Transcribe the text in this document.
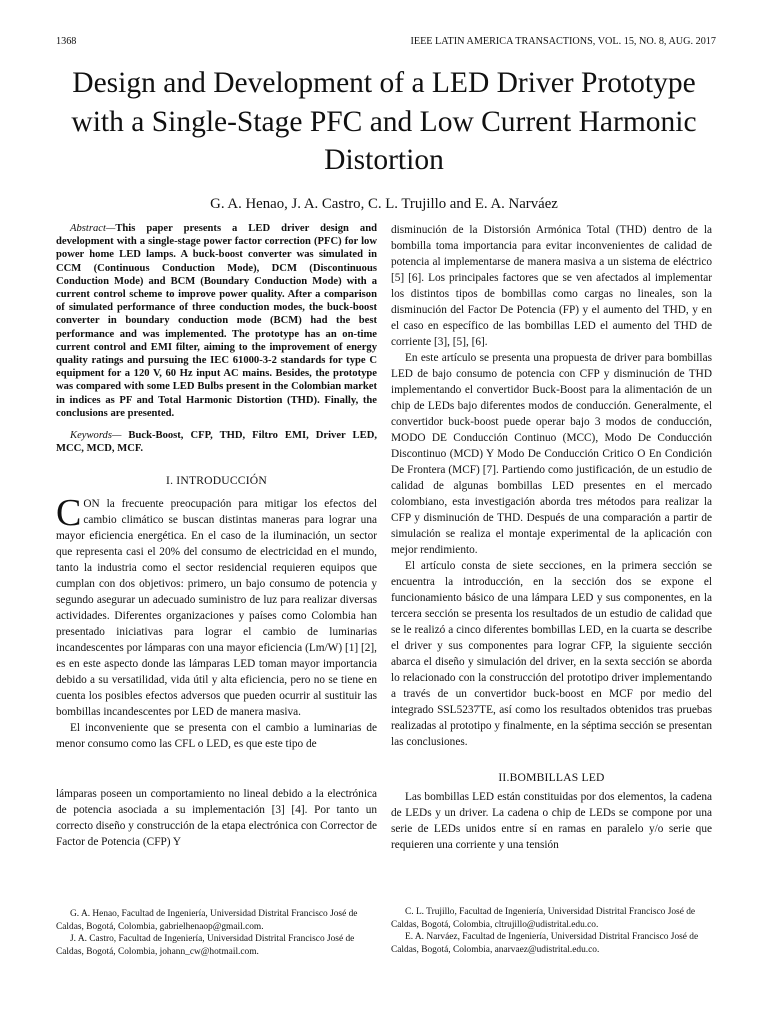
1368	IEEE LATIN AMERICA TRANSACTIONS, VOL. 15, NO. 8, AUG. 2017
Design and Development of a LED Driver Prototype with a Single-Stage PFC and Low Current Harmonic Distortion
G. A. Henao, J. A. Castro, C. L. Trujillo and E. A. Narváez

Abstract—This paper presents a LED driver design and development with a single-stage power factor correction (PFC) for low power home LED lamps. A buck-boost converter was simulated in CCM (Continuous Conduction Mode), DCM (Discontinuous Conduction Mode) and BCM (Boundary Conduction Mode) with a current control scheme to improve power quality. After a comparison of simulated performance of three conduction modes, the buck-boost converter in boundary conduction mode (BCM) had the best performance and was implemented. The prototype has an on-time current control and EMI filter, aiming to the improvement of energy quality ratings and pursuing the IEC 61000-3-2 standards for type C equipment for a 120 V, 60 Hz input AC mains. Besides, the prototype was compared with some LED Bulbs present in the Colombian market in indices as PF and Total Harmonic Distortion (THD). Finally, the conclusions are presented.

Keywords— Buck-Boost, CFP, THD, Filtro EMI, Driver LED, MCC, MCD, MCF.

I. INTRODUCCIÓN

CON la frecuente preocupación para mitigar los efectos del cambio climático se buscan distintas maneras para lograr una mayor eficiencia energética. En el caso de la iluminación, un sector que representa casi el 20% del consumo de electricidad en el mundo, tanto la industria como el sector residencial requieren equipos que cumplan con dos objetivos: primero, un bajo consumo de potencia y segundo asegurar un adecuado suministro de luz para realizar diversas actividades. Diferentes organizaciones y países como Colombia han presentado iniciativas para lograr el cambio de luminarias incandescentes por lámparas con una mayor eficiencia (Lm/W) [1] [2], es en este aspecto donde las lámparas LED toman mayor importancia debido a su versatilidad, vida útil y alta eficiencia, pero no se tiene en cuenta los posibles efectos adversos que pueden ocurrir al sustituir las bombillas incandescentes por LED de manera masiva.

El inconveniente que se presenta con el cambio a luminarias de menor consumo como las CFL o LED, es que este tipo de

lámparas poseen un comportamiento no lineal debido a la electrónica de potencia asociada a su implementación [3] [4]. Por tanto un correcto diseño y construcción de la etapa electrónica con Corrector de Factor de Potencia (CFP) Y

disminución de la Distorsión Armónica Total (THD) dentro de la bombilla toma importancia para evitar inconvenientes de calidad de potencia al implementarse de manera masiva a un sistema de eléctrico [5] [6]. Los principales factores que se ven afectados al implementar los distintos tipos de bombillas como cargas no lineales, son la disminución del Factor De Potencia (FP) y el aumento del THD, y en el caso en específico de las bombillas LED el aumento del THD de corriente [3], [5], [6].

En este artículo se presenta una propuesta de driver para bombillas LED de bajo consumo de potencia con CFP y disminución de THD implementando el convertidor Buck-Boost para la alimentación de un chip de LEDs bajo diferentes modos de conducción. Generalmente, el convertidor buck-boost puede operar bajo 3 modos de conducción, MODO DE Conducción Continuo (MCC), Modo De Conducción Discontinuo (MCD) Y Modo De Conducción Critico O En Condición De Frontera (MCF) [7]. Partiendo como justificación, de un estudio de calidad de algunas bombillas LED presentes en el mercado colombiano, esta investigación aborda tres métodos para realizar la CFP y disminución de THD. Después de una comparación a partir de simulación se realiza el montaje experimental de la aplicación con mejor rendimiento.

El artículo consta de siete secciones, en la primera sección se encuentra la introducción, en la sección dos se expone el funcionamiento básico de una lámpara LED y sus componentes, en la tercera sección se presenta los resultados de un estudio de calidad que se le realizó a cinco diferentes bombillas LED, en la cuarta se describe el driver y sus componentes para lograr CFP, la siguiente sección abarca el diseño y simulación del driver, en la sexta sección se aborda lo relacionado con la construcción del prototipo driver implementando a través de un convertidor buck-boost en MCF por medio del integrado SSL5237TE, así como los resultados obtenidos tras pruebas realizadas al prototipo y finalmente, en la séptima sección se presentan las conclusiones.

II.BOMBILLAS LED

Las bombillas LED están constituidas por dos elementos, la cadena de LEDs y un driver. La cadena o chip de LEDs se compone por una serie de LEDs unidos entre sí en ramas en paralelo y/o serie que requieren una corriente y una tensión

G. A. Henao, Facultad de Ingeniería, Universidad Distrital Francisco José de Caldas, Bogotá, Colombia, gabrielhenaop@gmail.com.

J. A. Castro, Facultad de Ingeniería, Universidad Distrital Francisco José de Caldas, Bogotá, Colombia, johann_cw@hotmail.com.

C. L. Trujillo, Facultad de Ingeniería, Universidad Distrital Francisco José de Caldas, Bogotá, Colombia, cltrujillo@udistrital.edu.co.

E. A. Narváez, Facultad de Ingeniería, Universidad Distrital Francisco José de Caldas, Bogotá, Colombia, anarvaez@udistrital.edu.co.
